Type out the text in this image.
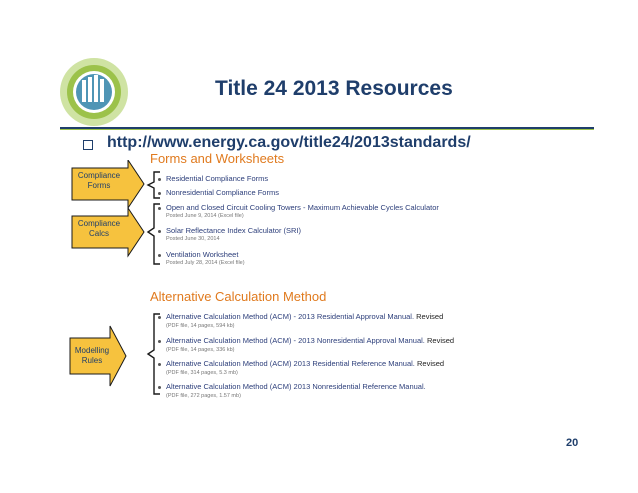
Title 24 2013 Resources
http://www.energy.ca.gov/title24/2013standards/
Forms and Worksheets
Residential Compliance Forms
Nonresidential Compliance Forms
Open and Closed Circuit Cooling Towers - Maximum Achievable Cycles Calculator
Posted June 9, 2014 (Excel file)
Solar Reflectance Index Calculator (SRI)
Posted June 30, 2014
Ventilation Worksheet
Posted July 28, 2014 (Excel file)
Alternative Calculation Method
Alternative Calculation Method (ACM) - 2013 Residential Approval Manual. Revised
(PDF file, 14 pages, 594 kb)
Alternative Calculation Method (ACM) - 2013 Nonresidential Approval Manual. Revised
(PDF file, 14 pages, 336 kb)
Alternative Calculation Method (ACM) 2013 Residential Reference Manual. Revised
(PDF file, 314 pages, 5.3 mb)
Alternative Calculation Method (ACM) 2013 Nonresidential Reference Manual.
(PDF file, 272 pages, 1.57 mb)
Compliance
Forms
Compliance
Calcs
Modelling
Rules
20
